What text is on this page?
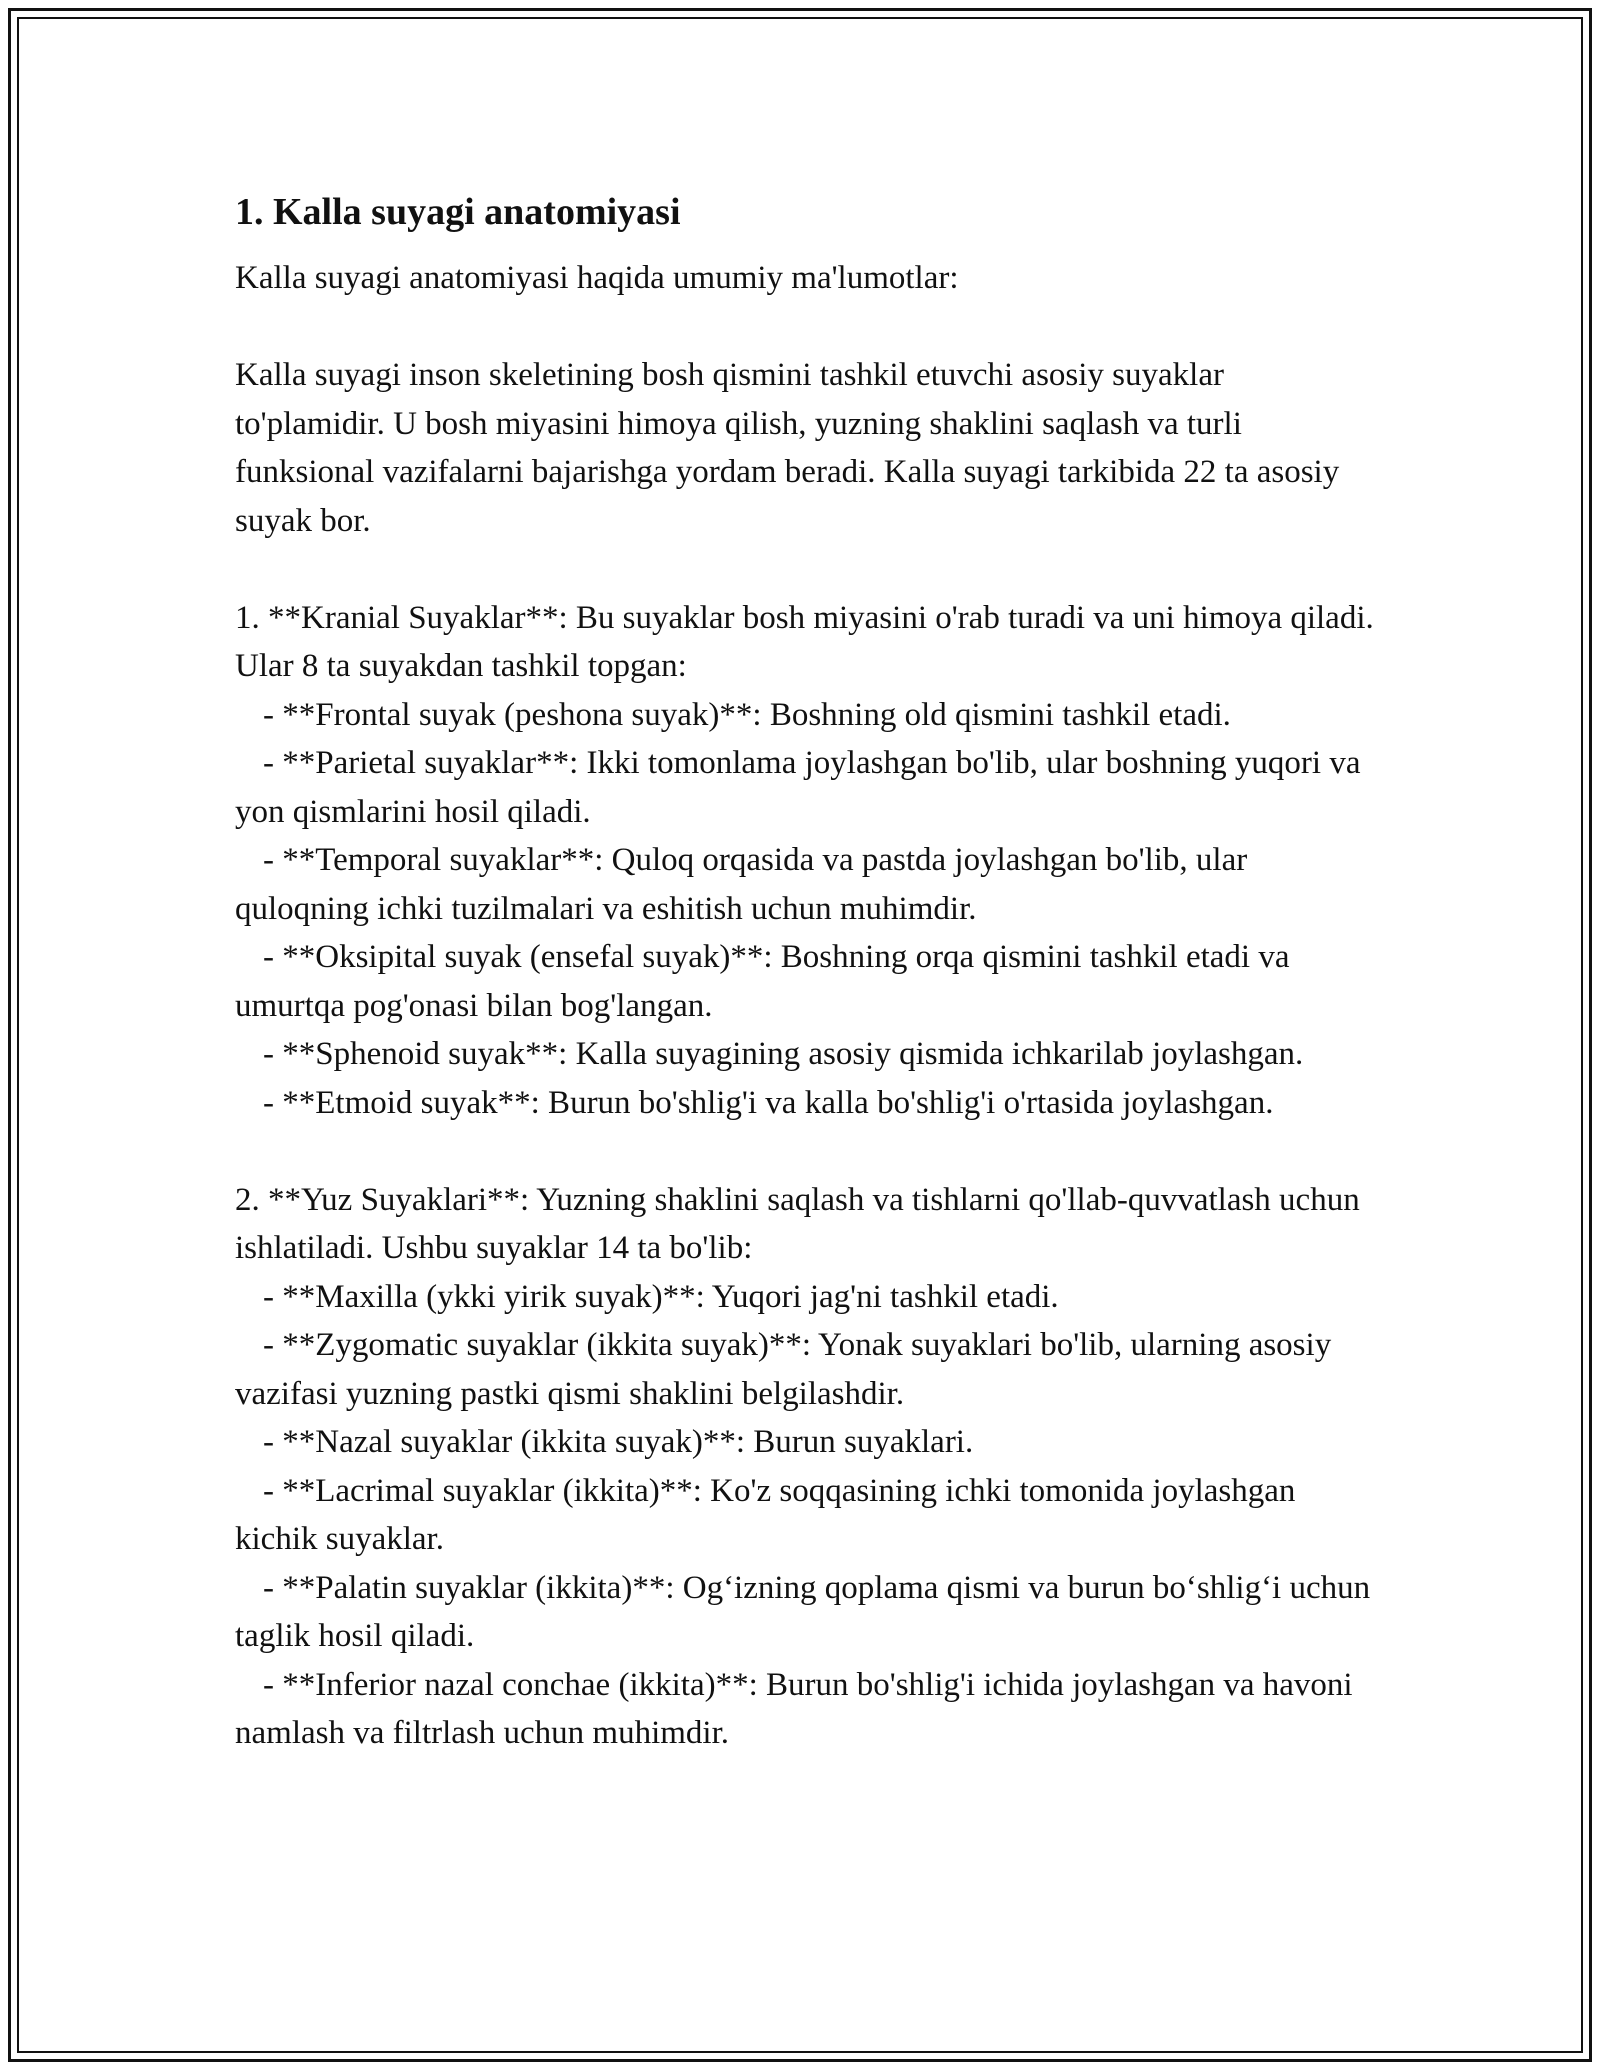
1. Kalla suyagi anatomiyasi

Kalla suyagi anatomiyasi haqida umumiy ma'lumotlar:

Kalla suyagi inson skeletining bosh qismini tashkil etuvchi asosiy suyaklar to'plamidir. U bosh miyasini himoya qilish, yuzning shaklini saqlash va turli funksional vazifalarni bajarishga yordam beradi. Kalla suyagi tarkibida 22 ta asosiy suyak bor.

1. **Kranial Suyaklar**: Bu suyaklar bosh miyasini o'rab turadi va uni himoya qiladi. Ular 8 ta suyakdan tashkil topgan:

- **Frontal suyak (peshona suyak)**: Boshning old qismini tashkil etadi.

- **Parietal suyaklar**: Ikki tomonlama joylashgan bo'lib, ular boshning yuqori va yon qismlarini hosil qiladi.

- **Temporal suyaklar**: Quloq orqasida va pastda joylashgan bo'lib, ular quloqning ichki tuzilmalari va eshitish uchun muhimdir.

- **Oksipital suyak (ensefal suyak)**: Boshning orqa qismini tashkil etadi va umurtqa pog'onasi bilan bog'langan.

- **Sphenoid suyak**: Kalla suyagining asosiy qismida ichkarilab joylashgan.

- **Etmoid suyak**: Burun bo'shlig'i va kalla bo'shlig'i o'rtasida joylashgan.

2. **Yuz Suyaklari**: Yuzning shaklini saqlash va tishlarni qo'llab-quvvatlash uchun ishlatiladi. Ushbu suyaklar 14 ta bo'lib:

- **Maxilla (ykki yirik suyak)**: Yuqori jag'ni tashkil etadi.

- **Zygomatic suyaklar (ikkita suyak)**: Yonak suyaklari bo'lib, ularning asosiy vazifasi yuzning pastki qismi shaklini belgilashdir.

- **Nazal suyaklar (ikkita suyak)**: Burun suyaklari.

- **Lacrimal suyaklar (ikkita)**: Ko'z soqqasining ichki tomonida joylashgan kichik suyaklar.

- **Palatin suyaklar (ikkita)**: Og‘izning qoplama qismi va burun bo‘shlig‘i uchun taglik hosil qiladi.

- **Inferior nazal conchae (ikkita)**: Burun bo'shlig'i ichida joylashgan va havoni namlash va filtrlash uchun muhimdir.
